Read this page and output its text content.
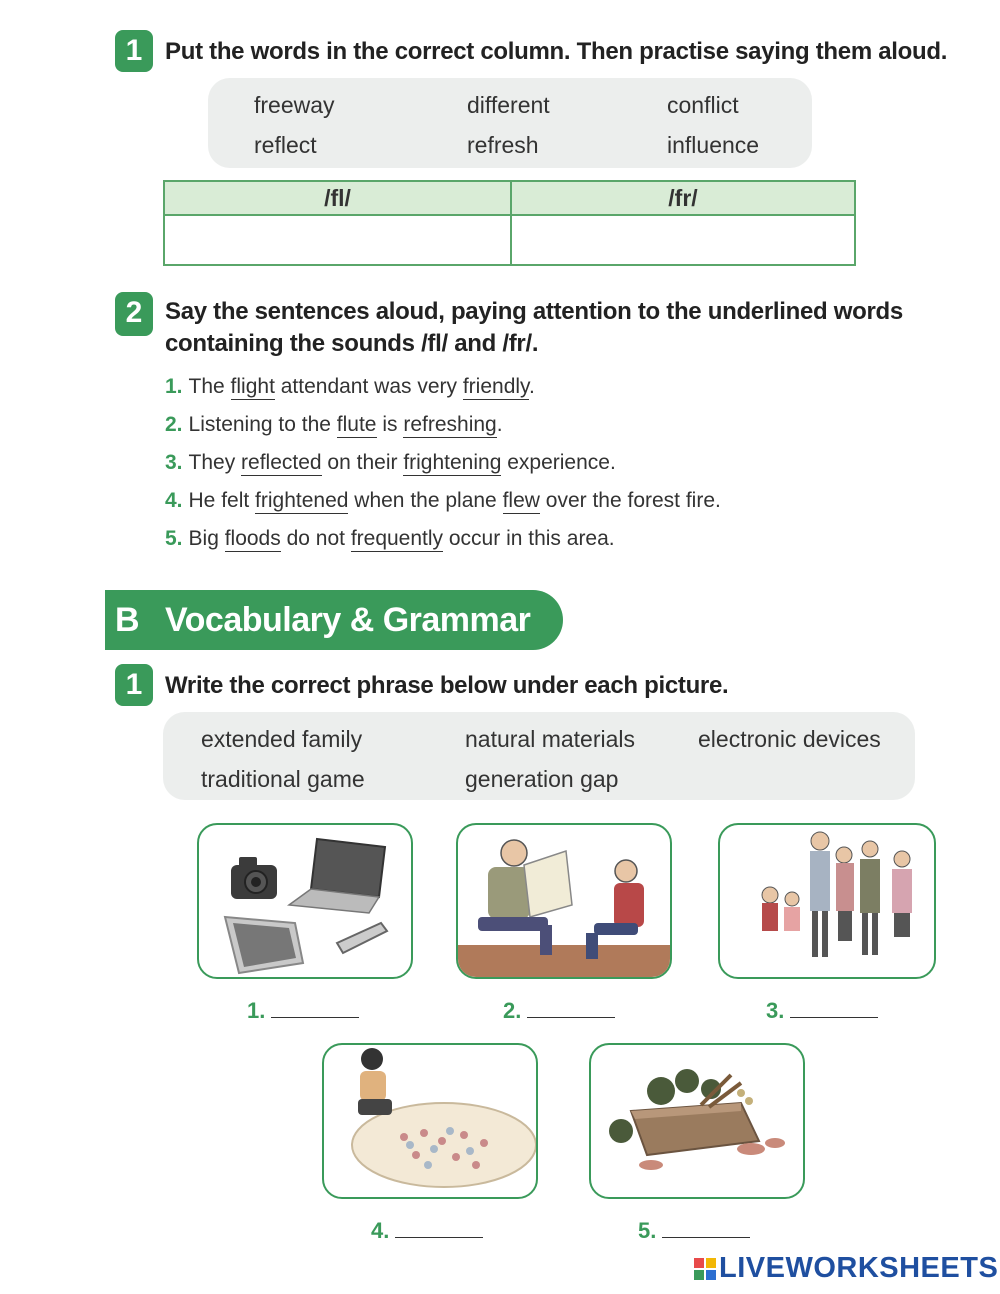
1 Put the words in the correct column. Then practise saying them aloud.
freeway	different	conflict
reflect	refresh	influence
/fl/	/fr/

2 Say the sentences aloud, paying attention to the underlined words
containing the sounds /fl/ and /fr/.
1. The flight attendant was very friendly.
2. Listening to the flute is refreshing.
3. They reflected on their frightening experience.
4. He felt frightened when the plane flew over the forest fire.
5. Big floods do not frequently occur in this area.
B Vocabulary & Grammar
1 Write the correct phrase below under each picture.
extended family	natural materials	electronic devices
traditional game	generation gap
1.	2.	3.
4.	5.
LIVEWORKSHEETS
